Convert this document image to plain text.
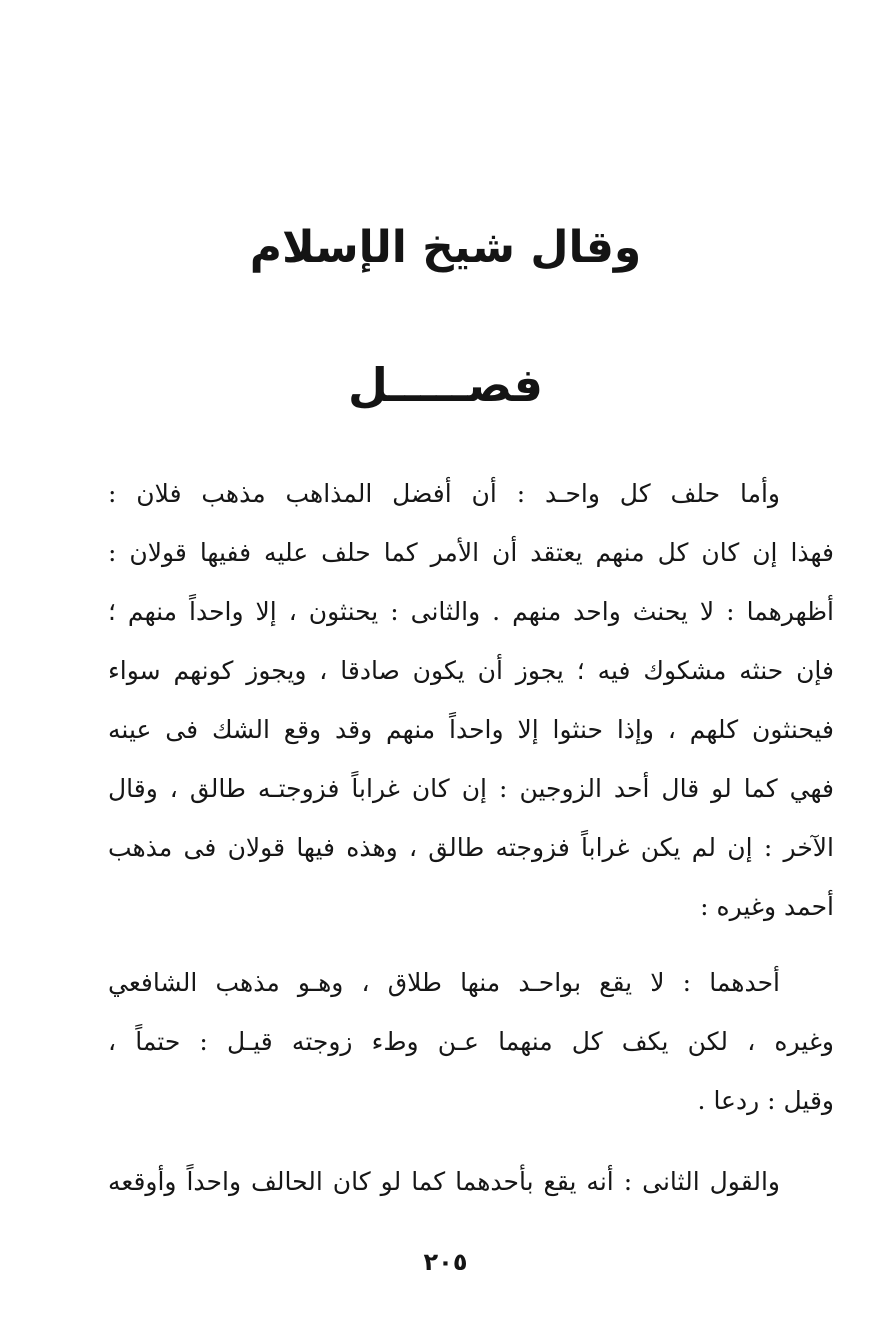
وقال شيخ الإسلام
فصـــــل
وأما حلف كل واحـد : أن أفضل المذاهب مذهب فلان :
فهذا إن كان كل منهم يعتقد أن الأمر كما حلف عليه ففيها قولان :
أظهرهما : لا يحنث واحد منهم . والثانى : يحنثون ، إلا واحداً منهم ؛
فإن حنثه مشكوك فيه ؛ يجوز أن يكون صادقا ، ويجوز كونهم سواء
فيحنثون كلهم ، وإذا حنثوا إلا واحداً منهم وقد وقع الشك فى عينه
فهي كما لو قال أحد الزوجين : إن كان غراباً فزوجتـه طالق ، وقال
الآخر : إن لم يكن غراباً فزوجته طالق ، وهذه فيها قولان فى مذهب
أحمد وغيره :
أحدهما : لا يقع بواحـد منها طلاق ، وهـو مذهب الشافعي
وغيره ، لكن يكف كل منهما عـن وطء زوجته قيـل : حتماً ،
وقيل : ردعا .
والقول الثانى : أنه يقع بأحدهما كما لو كان الحالف واحداً وأوقعه
٢٠٥
